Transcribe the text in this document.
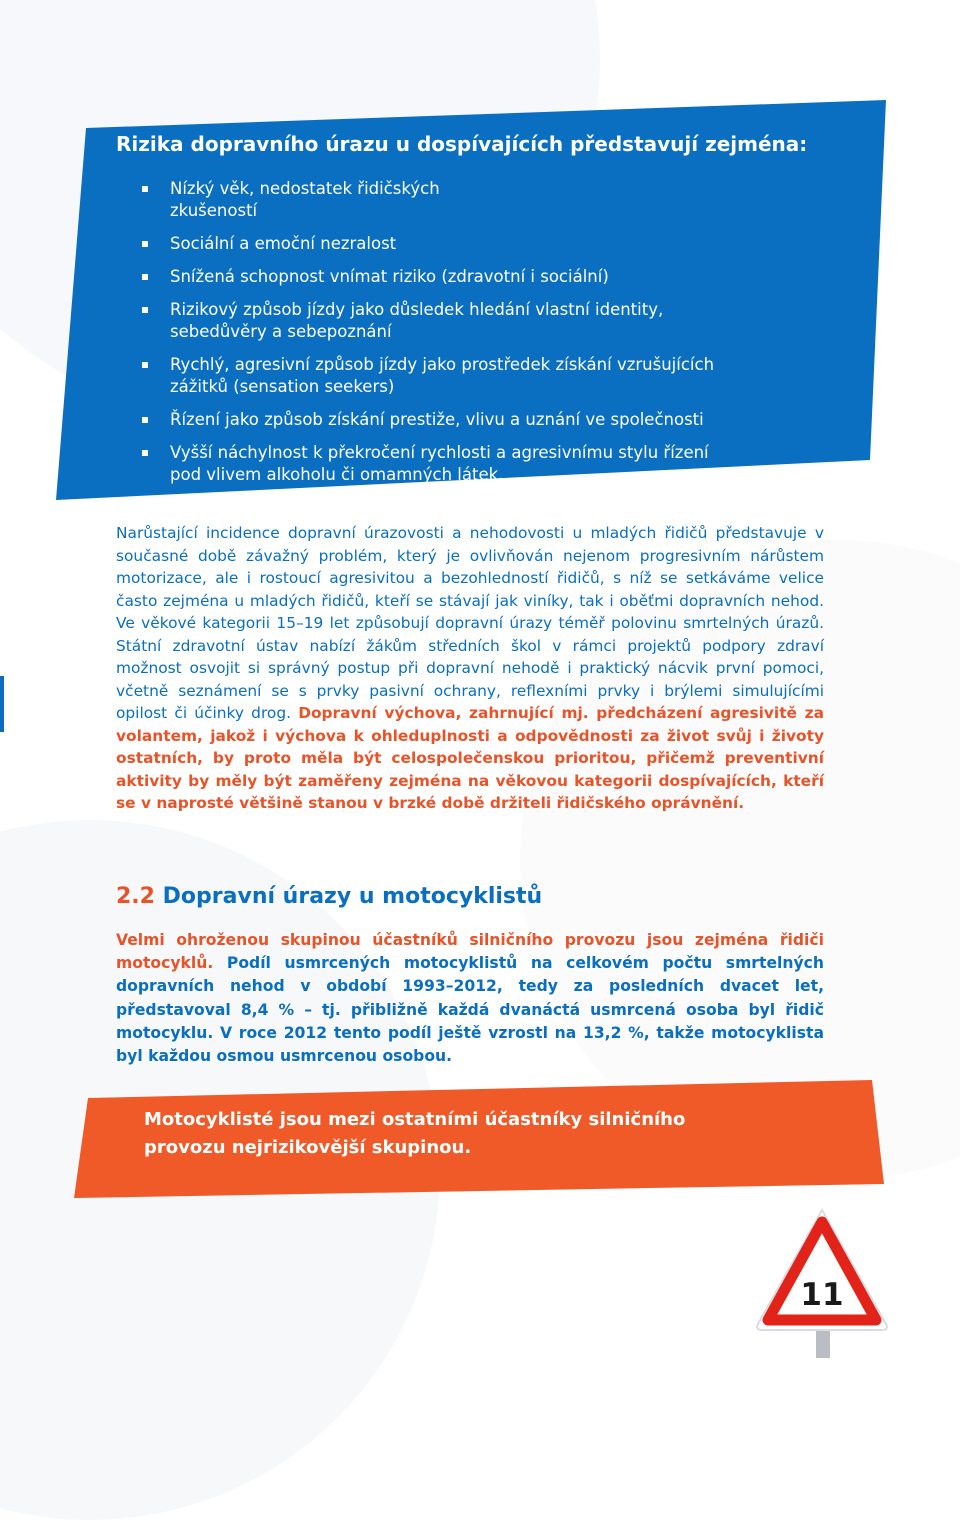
Rizika dopravního úrazu u dospívajících představují zejména:
Nízký věk, nedostatek řidičských
zkušeností
Sociální a emoční nezralost
Snížená schopnost vnímat riziko (zdravotní i sociální)
Rizikový způsob jízdy jako důsledek hledání vlastní identity,
sebedůvěry a sebepoznání
Rychlý, agresivní způsob jízdy jako prostředek získání vzrušujících
zážitků (sensation seekers)
Řízení jako způsob získání prestiže, vlivu a uznání ve společnosti
Vyšší náchylnost k překročení rychlosti a agresivnímu stylu řízení
pod vlivem alkoholu či omamných látek.

Narůstající incidence dopravní úrazovosti a nehodovosti u mladých řidičů představuje v současné době závažný problém, který je ovlivňován nejenom progresivním nárůstem motorizace, ale i rostoucí agresivitou a bezohledností řidičů, s níž se setkáváme velice často zejména u mladých řidičů, kteří se stávají jak viníky, tak i oběťmi dopravních nehod. Ve věkové kategorii 15–19 let způsobují dopravní úrazy téměř polovinu smrtelných úrazů. Státní zdravotní ústav nabízí žákům středních škol v rámci projektů podpory zdraví možnost osvojit si správný postup při dopravní nehodě i praktický nácvik první pomoci, včetně seznámení se s prvky pasivní ochrany, reflexními prvky i brýlemi simulujícími opilost či účinky drog. Dopravní výchova, zahrnující mj. předcházení agresivitě za volantem, jakož i výchova k ohleduplnosti a odpovědnosti za život svůj i životy ostatních, by proto měla být celospolečenskou prioritou, přičemž preventivní aktivity by měly být zaměřeny zejména na věkovou kategorii dospívajících, kteří se v naprosté většině stanou v brzké době držiteli řidičského oprávnění.

2.2 Dopravní úrazy u motocyklistů

Velmi ohroženou skupinou účastníků silničního provozu jsou zejména řidiči motocyklů. Podíl usmrcených motocyklistů na celkovém počtu smrtelných dopravních nehod v období 1993–2012, tedy za posledních dvacet let, představoval 8,4 % – tj. přibližně každá dvanáctá usmrcená osoba byl řidič motocyklu. V roce 2012 tento podíl ještě vzrostl na 13,2 %, takže motocyklista byl každou osmou usmrcenou osobou.

Motocyklisté jsou mezi ostatními účastníky silničního
provozu nejrizikovější skupinou.

11
